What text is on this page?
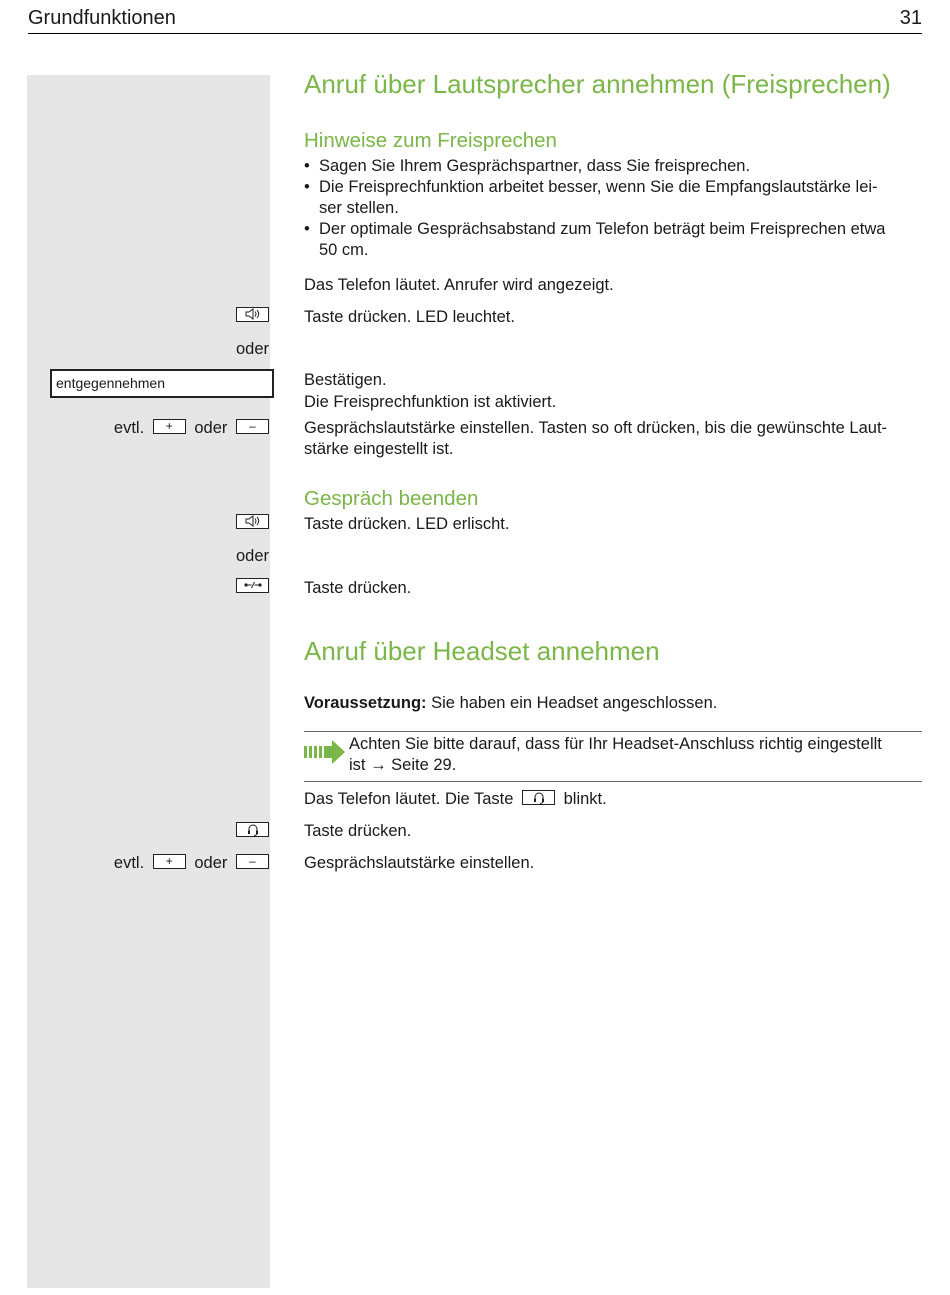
Grundfunktionen	31
Anruf über Lautsprecher annehmen (Freisprechen)
Hinweise zum Freisprechen
• Sagen Sie Ihrem Gesprächspartner, dass Sie freisprechen.
• Die Freisprechfunktion arbeitet besser, wenn Sie die Empfangslautstärke lei-
ser stellen.
• Der optimale Gesprächsabstand zum Telefon beträgt beim Freisprechen etwa
50 cm.
Das Telefon läutet. Anrufer wird angezeigt.
Taste drücken. LED leuchtet.
oder
entgegennehmen	Bestätigen.
Die Freisprechfunktion ist aktiviert.
evtl. + oder –	Gesprächslautstärke einstellen. Tasten so oft drücken, bis die gewünschte Laut-
stärke eingestellt ist.
Gespräch beenden
Taste drücken. LED erlischt.
oder
Taste drücken.
Anruf über Headset annehmen
Voraussetzung: Sie haben ein Headset angeschlossen.
Achten Sie bitte darauf, dass für Ihr Headset-Anschluss richtig eingestellt
ist → Seite 29.
Das Telefon läutet. Die Taste	blinkt.
Taste drücken.
evtl. + oder –	Gesprächslautstärke einstellen.
